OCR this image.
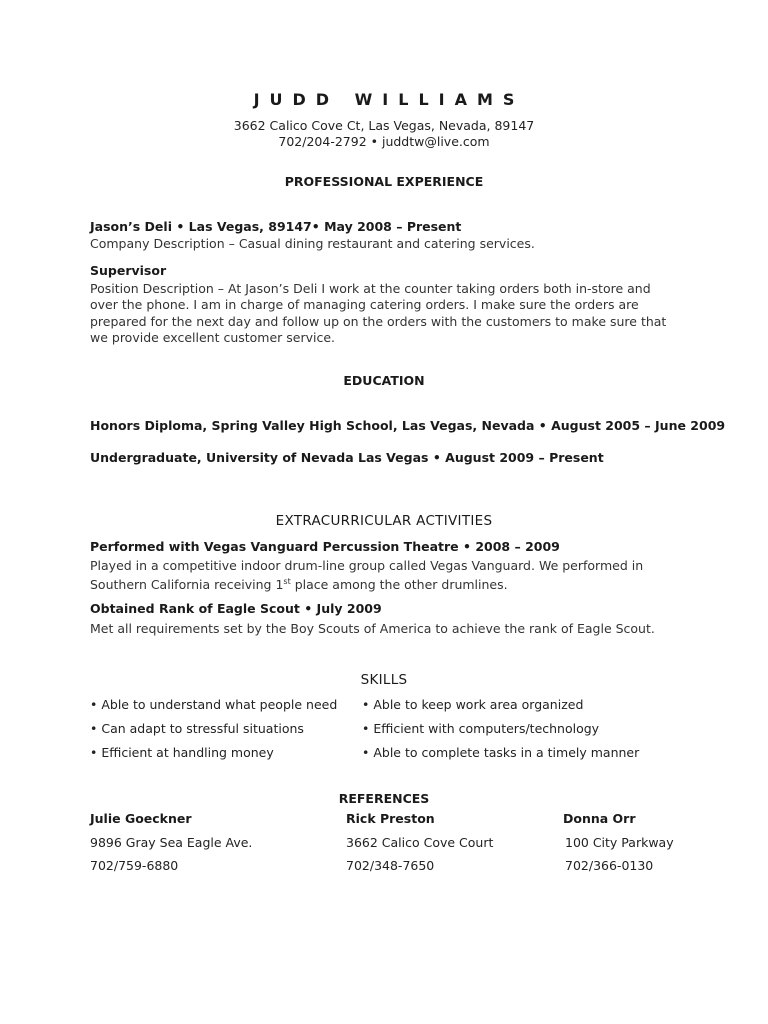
JUDD WILLIAMS
3662 Calico Cove Ct, Las Vegas, Nevada, 89147
702/204-2792 • juddtw@live.com
PROFESSIONAL EXPERIENCE
Jason’s Deli • Las Vegas, 89147• May 2008 – Present
Company Description – Casual dining restaurant and catering services.
Supervisor
Position Description – At Jason’s Deli I work at the counter taking orders both in-store and over the phone. I am in charge of managing catering orders. I make sure the orders are prepared for the next day and follow up on the orders with the customers to make sure that we provide excellent customer service.
EDUCATION
Honors Diploma, Spring Valley High School, Las Vegas, Nevada • August 2005 – June 2009
Undergraduate, University of Nevada Las Vegas • August 2009 – Present
EXTRACURRICULAR ACTIVITIES
Performed with Vegas Vanguard Percussion Theatre • 2008 – 2009
Played in a competitive indoor drum-line group called Vegas Vanguard. We performed in Southern California receiving 1st place among the other drumlines.
Obtained Rank of Eagle Scout • July 2009
Met all requirements set by the Boy Scouts of America to achieve the rank of Eagle Scout.
SKILLS
• Able to understand what people need
• Can adapt to stressful situations
• Efficient at handling money
• Able to keep work area organized
• Efficient with computers/technology
• Able to complete tasks in a timely manner
REFERENCES
Julie Goeckner
9896 Gray Sea Eagle Ave.
702/759-6880
Rick Preston
3662 Calico Cove Court
702/348-7650
Donna Orr
100 City Parkway
702/366-0130
